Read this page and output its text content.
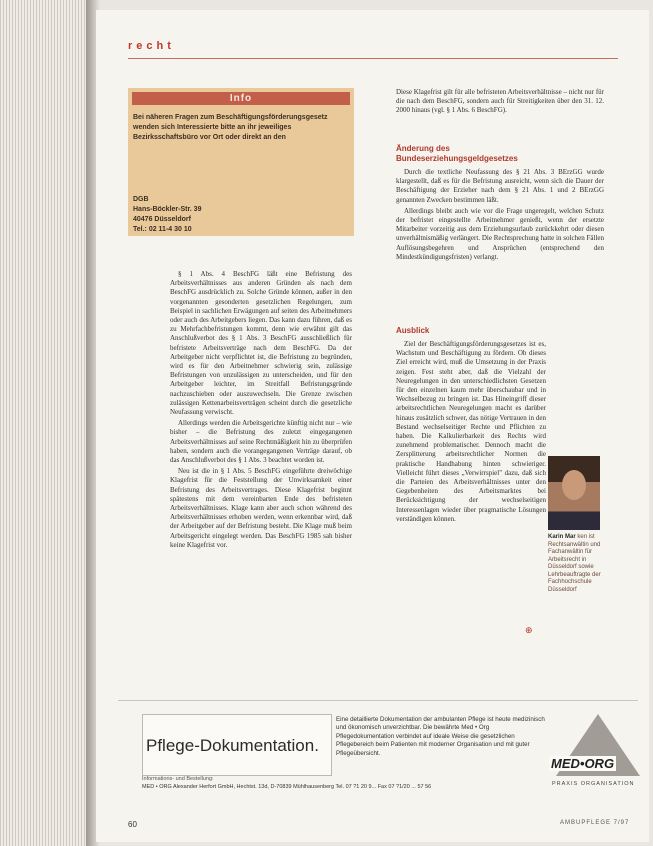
recht
Info
Bei näheren Fragen zum Beschäftigungsförderungsgesetz wenden sich Interessierte bitte an ihr jeweiliges Bezirksschaftsbüro vor Ort oder direkt an den
DGB
Hans-Böckler-Str. 39
40476 Düsseldorf
Tel.: 02 11-4 30 10

§ 1 Abs. 4 BeschFG läßt eine Befristung des Arbeitsverhältnisses aus anderen Gründen als nach dem BeschFG ausdrücklich zu. Solche Gründe können, außer in den vorgenannten gesonderten gesetzlichen Regelungen, zum Beispiel in sachlichen Erwägungen auf seiten des Arbeitnehmers oder auch des Arbeitgebers liegen. Das kann dazu führen, daß es zu Mehrfachbefristungen kommt, denn wie erwähnt gilt das Anschlußverbot des § 1 Abs. 3 BeschFG ausschließlich für befristete Arbeitsverträge nach dem BeschFG. Da der Arbeitgeber nicht verpflichtet ist, die Befristung zu begründen, wird es für den Arbeitnehmer schwierig sein, zulässige Befristungen von unzulässigen zu unterscheiden, und für den Arbeitgeber leichter, im Streitfall Befristungsgründe nachzuschieben oder auszuwechseln. Die Grenze zwischen zulässigen Kettenarbeitsverträgen scheint durch die gesetzliche Neufassung verwischt.

Allerdings werden die Arbeitsgerichte künftig nicht nur – wie bisher – die Befristung des zuletzt eingegangenen Arbeitsverhältnisses auf seine Rechtmäßigkeit hin zu überprüfen haben, sondern auch die vorangegangenen Verträge darauf, ob das Anschlußverbot des § 1 Abs. 3 beachtet worden ist.

Neu ist die in § 1 Abs. 5 BeschFG eingeführte dreiwöchige Klagefrist für die Feststellung der Unwirksamkeit einer Befristung des Arbeitsvertrages. Diese Klagefrist beginnt spätestens mit dem vereinbarten Ende des befristeten Arbeitsverhältnisses. Klage kann aber auch schon während des Arbeitsverhältnisses erhoben werden, wenn erkennbar wird, daß der Arbeitgeber auf der Befristung besteht. Die Klage muß beim Arbeitsgericht eingelegt werden. Das BeschFG 1985 sah bisher keine Klagefrist vor.

Diese Klagefrist gilt für alle befristeten Arbeitsverhältnisse – nicht nur für die nach dem BeschFG, sondern auch für Streitigkeiten über den 31. 12. 2000 hinaus (vgl. § 1 Abs. 6 BeschFG).

Änderung des
Bundeserziehungsgeldgesetzes

Durch die textliche Neufassung des § 21 Abs. 3 BErzGG wurde klargestellt, daß es für die Befristung ausreicht, wenn sich die Dauer der Beschäftigung der Erzieher nach dem § 21 Abs. 1 und 2 BErzGG genannten Zwecken bestimmen läßt.

Allerdings bleibt auch wie vor die Frage ungeregelt, welchen Schutz der befristet eingestellte Arbeitnehmer genießt, wenn der ersetzte Mitarbeiter vorzeitig aus dem Erziehungsurlaub zurückkehrt oder diesen unverhältnismäßig verlängert. Die Rechtsprechung hatte in solchen Fällen Auflösungsbegehren und Ansprüchen (entsprechend den Mindestkündigungsfristen) verlangt.

Ausblick

Ziel der Beschäftigungsförderungsgesetzes ist es, Wachstum und Beschäftigung zu fördern. Ob dieses Ziel erreicht wird, muß die Umsetzung in der Praxis zeigen. Fest steht aber, daß die Vielzahl der Neuregelungen in den unterschiedlichsten Gesetzen für den einzelnen kaum mehr überschaubar und in Wechselbezug zu bringen ist. Das Hineingriff dieser arbeitsrechtlichen Neuregelungen macht es darüber hinaus zusätzlich schwer, das nötige Vertrauen in den Bestand wechselseitiger Rechte und Pflichten zu haben. Die Kalkulierbarkeit des Rechts wird zunehmend problematischer. Dennoch macht die Zersplitterung arbeitsrechtlicher Normen die praktische Handhabung hinten schwieriger. Vielleicht führt dieses „Verwirrspiel" dazu, daß sich die Parteien des Arbeitsverhältnisses unter den Gegebenheiten des Arbeitsmarktes bei Berücksichtigung der wechselseitigen Interessenlagen wieder über pragmatische Lösungen verständigen können.

Karin Mar ken ist Rechtsanwältin und Fachanwältin für Arbeitsrecht in Düsseldorf sowie Lehrbeauftragte der Fachhochschule Düsseldorf
⊕
Pflege-Dokumentation.
Eine detaillierte Dokumentation der ambulanten Pflege ist heute medizinisch und ökonomisch unverzichtbar. Die bewährte Med • Org Pflegedokumentation verbindet auf ideale Weise die gesetzlichen Pflegebereich beim Patienten mit moderner Organisation und mit guter Pflegeübersicht.
MED•ORG
PRAXIS ORGANISATION
Informations- und Bestellung:
MED • ORG Alexander Herfort GmbH, Hechtst. 13d, D-70839 Mühlhausenberg Tel. 07 ?1 20 9... Fax 07 ?1/20 ... 57 56
60	AMBUPFLEGE 7/97
